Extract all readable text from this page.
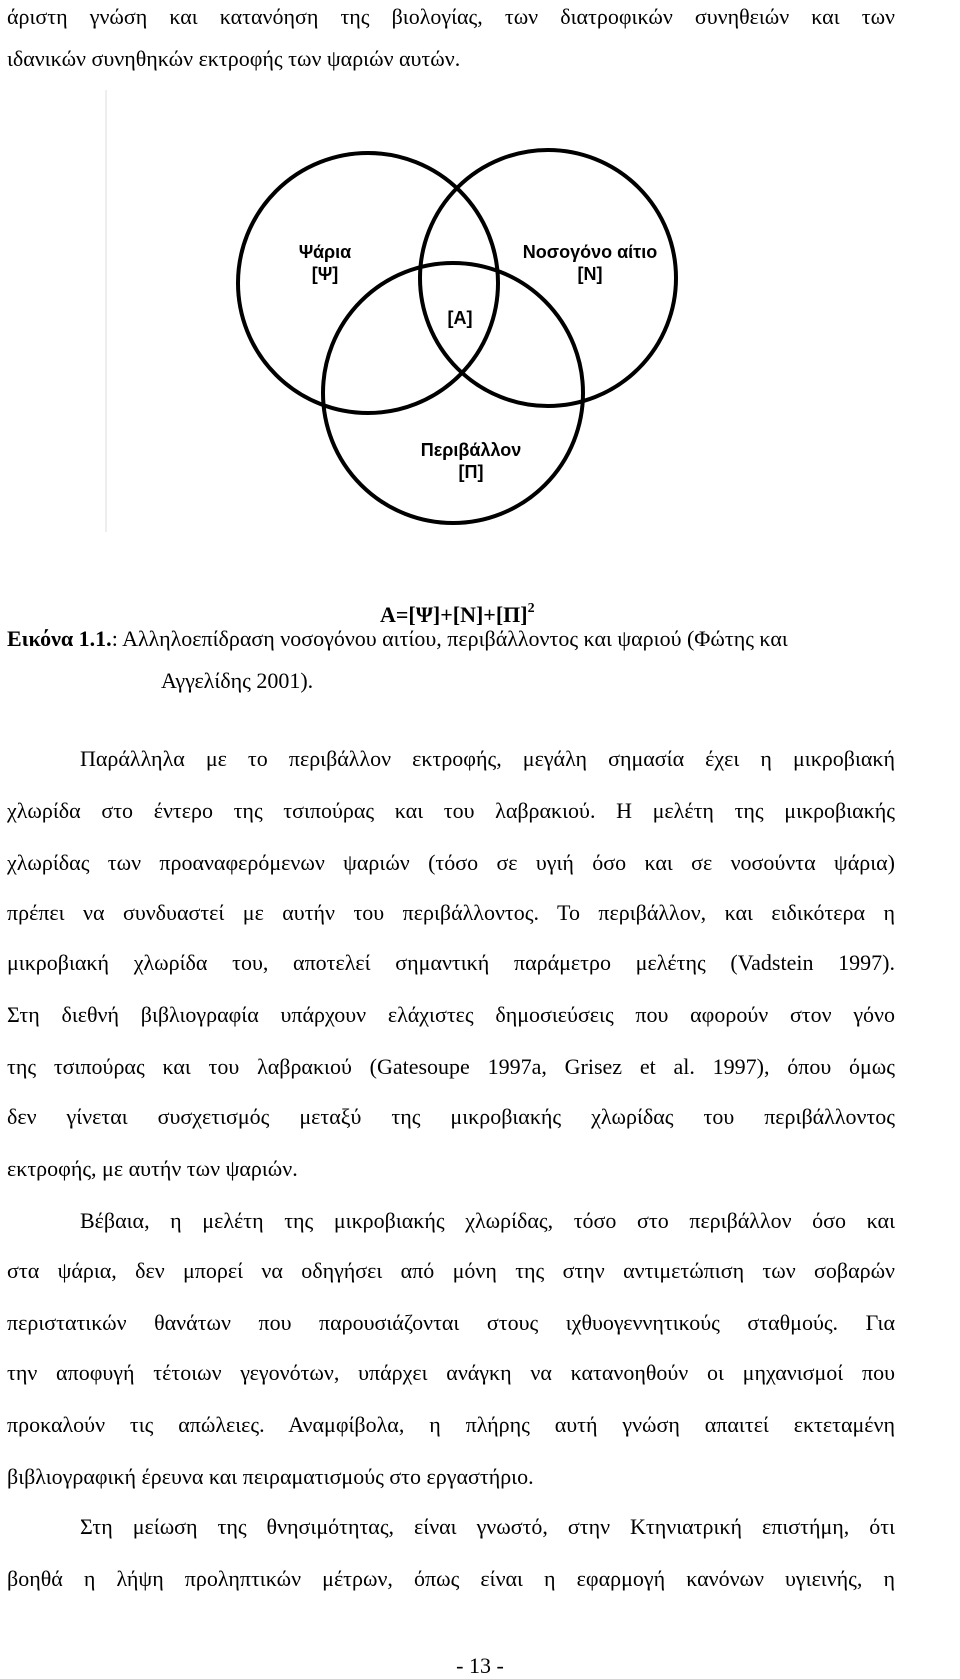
άριστη γνώση και κατανόηση της βιολογίας, των διατροφικών συνηθειών και των
ιδανικών συνηθηκών εκτροφής των ψαριών αυτών.
Ψάρια
[Ψ]
Νοσογόνο αίτιο
[Ν]
[Α]
Περιβάλλον
[Π]
$A=[\Psi]+[N]+[\Pi]^2$
Εικόνα 1.1.: Αλληλοεπίδραση νοσογόνου αιτίου, περιβάλλοντος και ψαριού (Φώτης και
Αγγελίδης 2001).
Παράλληλα με το περιβάλλον εκτροφής, μεγάλη σημασία έχει η μικροβιακή
χλωρίδα στο έντερο της τσιπούρας και του λαβρακιού. Η μελέτη της μικροβιακής
χλωρίδας των προαναφερόμενων ψαριών (τόσο σε υγιή όσο και σε νοσούντα ψάρια)
πρέπει να συνδυαστεί με αυτήν του περιβάλλοντος. Το περιβάλλον, και ειδικότερα η
μικροβιακή χλωρίδα του, αποτελεί σημαντική παράμετρο μελέτης (Vadstein 1997).
Στη διεθνή βιβλιογραφία υπάρχουν ελάχιστες δημοσιεύσεις που αφορούν στον γόνο
της τσιπούρας και του λαβρακιού (Gatesoupe 1997a, Grisez et al. 1997), όπου όμως
δεν γίνεται συσχετισμός μεταξύ της μικροβιακής χλωρίδας του περιβάλλοντος
εκτροφής, με αυτήν των ψαριών.
Βέβαια, η μελέτη της μικροβιακής χλωρίδας, τόσο στο περιβάλλον όσο και
στα ψάρια, δεν μπορεί να οδηγήσει από μόνη της στην αντιμετώπιση των σοβαρών
περιστατικών θανάτων που παρουσιάζονται στους ιχθυογεννητικούς σταθμούς. Για
την αποφυγή τέτοιων γεγονότων, υπάρχει ανάγκη να κατανοηθούν οι μηχανισμοί που
προκαλούν τις απώλειες. Αναμφίβολα, η πλήρης αυτή γνώση απαιτεί εκτεταμένη
βιβλιογραφική έρευνα και πειραματισμούς στο εργαστήριο.
Στη μείωση της θνησιμότητας, είναι γνωστό, στην Κτηνιατρική επιστήμη, ότι
βοηθά η λήψη προληπτικών μέτρων, όπως είναι η εφαρμογή κανόνων υγιεινής, η
- 13 -
